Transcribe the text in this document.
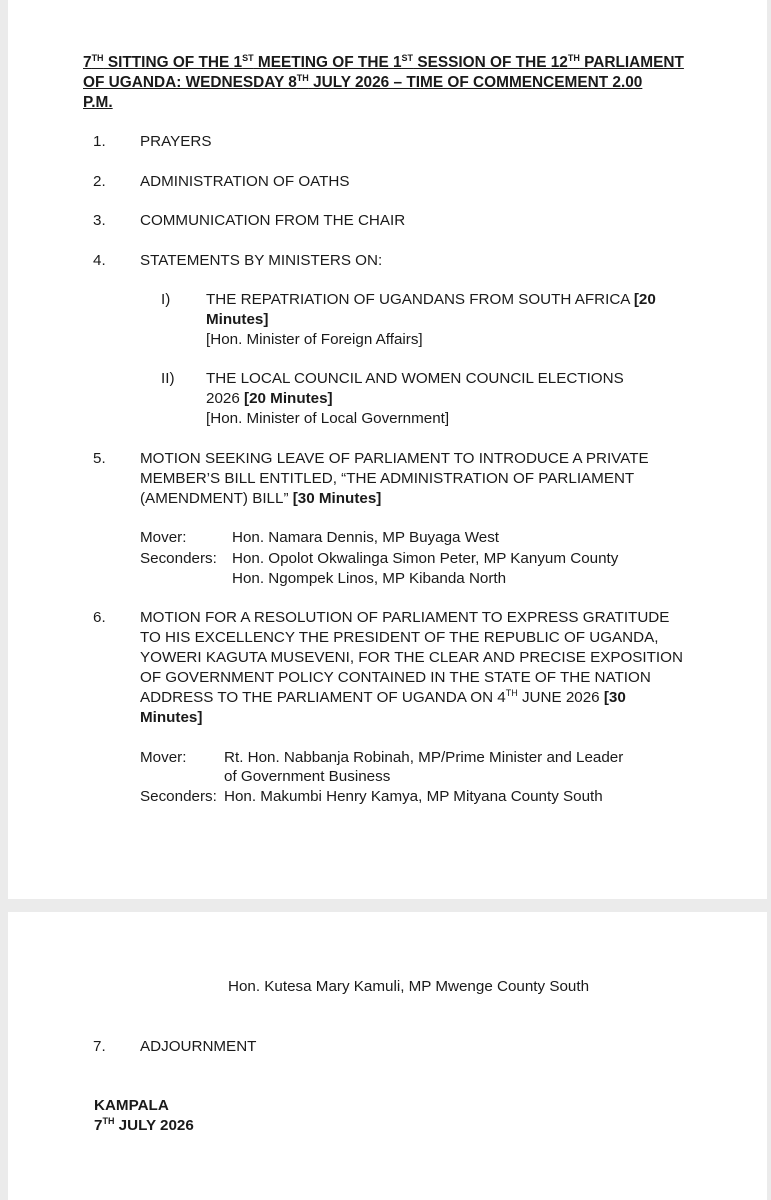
7TH SITTING OF THE 1ST MEETING OF THE 1ST SESSION OF THE 12TH PARLIAMENT
OF UGANDA: WEDNESDAY 8TH JULY 2026 – TIME OF COMMENCEMENT 2.00
P.M.
1. PRAYERS
2. ADMINISTRATION OF OATHS
3. COMMUNICATION FROM THE CHAIR
4. STATEMENTS BY MINISTERS ON:
I) THE REPATRIATION OF UGANDANS FROM SOUTH AFRICA [20
Minutes]
[Hon. Minister of Foreign Affairs]
II) THE LOCAL COUNCIL AND WOMEN COUNCIL ELECTIONS
2026 [20 Minutes]
[Hon. Minister of Local Government]
5. MOTION SEEKING LEAVE OF PARLIAMENT TO INTRODUCE A PRIVATE
MEMBER’S BILL ENTITLED, “THE ADMINISTRATION OF PARLIAMENT
(AMENDMENT) BILL” [30 Minutes]
Mover:	Hon. Namara Dennis, MP Buyaga West
Seconders: Hon. Opolot Okwalinga Simon Peter, MP Kanyum County
Hon. Ngompek Linos, MP Kibanda North
6. MOTION FOR A RESOLUTION OF PARLIAMENT TO EXPRESS GRATITUDE
TO HIS EXCELLENCY THE PRESIDENT OF THE REPUBLIC OF UGANDA,
YOWERI KAGUTA MUSEVENI, FOR THE CLEAR AND PRECISE EXPOSITION
OF GOVERNMENT POLICY CONTAINED IN THE STATE OF THE NATION
ADDRESS TO THE PARLIAMENT OF UGANDA ON 4TH JUNE 2026 [30
Minutes]
Mover: Rt. Hon. Nabbanja Robinah, MP/Prime Minister and Leader
of Government Business
Seconders: Hon. Makumbi Henry Kamya, MP Mityana County South
Hon. Kutesa Mary Kamuli, MP Mwenge County South
7. ADJOURNMENT
KAMPALA
7TH JULY 2026
